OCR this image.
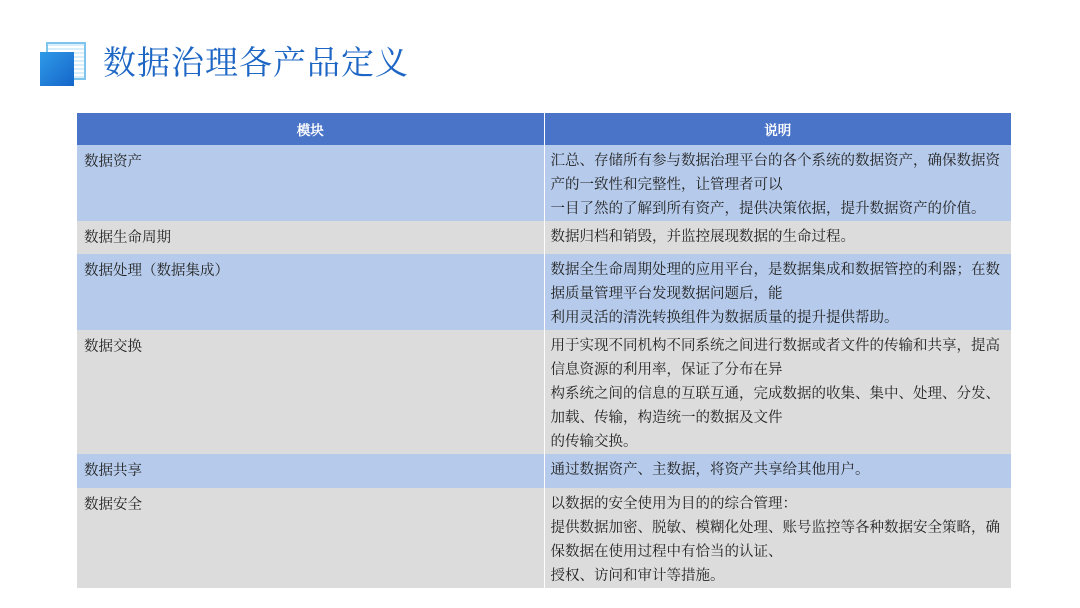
数据治理各产品定义
模块	说明
数据资产	汇总、存储所有参与数据治理平台的各个系统的数据资产，确保数据资产的一致性和完整性，让管理者可以
一目了然的了解到所有资产，提供决策依据，提升数据资产的价值。

数据生命周期	数据归档和销毁，并监控展现数据的生命过程。

数据处理（数据集成）	数据全生命周期处理的应用平台，是数据集成和数据管控的利器；在数据质量管理平台发现数据问题后，能
利用灵活的清洗转换组件为数据质量的提升提供帮助。

数据交换	用于实现不同机构不同系统之间进行数据或者文件的传输和共享，提高信息资源的利用率，保证了分布在异
构系统之间的信息的互联互通，完成数据的收集、集中、处理、分发、加载、传输，构造统一的数据及文件
的传输交换。

数据共享	通过数据资产、主数据，将资产共享给其他用户。

数据安全	以数据的安全使用为目的的综合管理：
提供数据加密、脱敏、模糊化处理、账号监控等各种数据安全策略，确保数据在使用过程中有恰当的认证、
授权、访问和审计等措施。
